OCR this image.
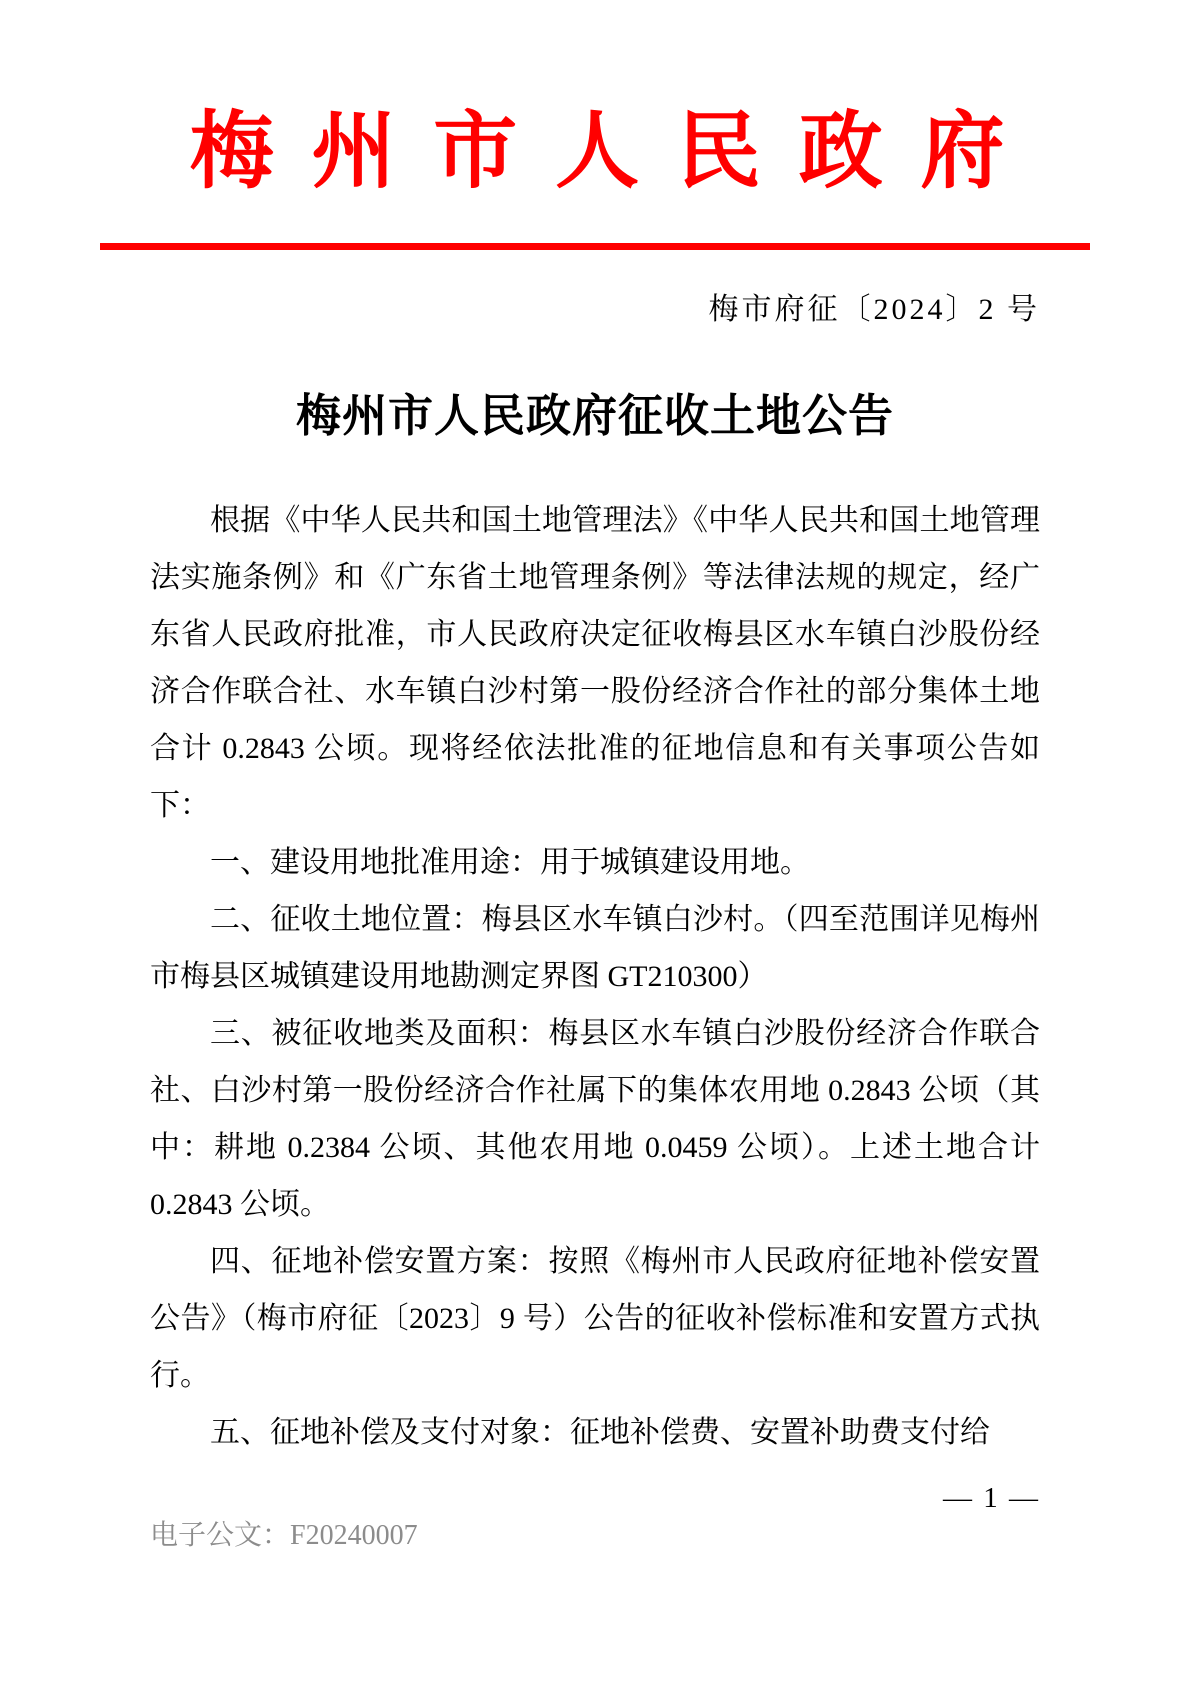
梅州市人民政府
梅市府征〔2024〕2 号
梅州市人民政府征收土地公告

根据《中华人民共和国土地管理法》《中华人民共和国土地管理法实施条例》和《广东省土地管理条例》等法律法规的规定，经广东省人民政府批准，市人民政府决定征收梅县区水车镇白沙股份经济合作联合社、水车镇白沙村第一股份经济合作社的部分集体土地合计 0.2843 公顷。现将经依法批准的征地信息和有关事项公告如下：

一、建设用地批准用途：用于城镇建设用地。

二、征收土地位置：梅县区水车镇白沙村。（四至范围详见梅州市梅县区城镇建设用地勘测定界图 GT210300）

三、被征收地类及面积：梅县区水车镇白沙股份经济合作联合社、白沙村第一股份经济合作社属下的集体农用地 0.2843 公顷（其中：耕地 0.2384 公顷、其他农用地 0.0459 公顷）。上述土地合计 0.2843 公顷。

四、征地补偿安置方案：按照《梅州市人民政府征地补偿安置公告》（梅市府征〔2023〕9 号）公告的征收补偿标准和安置方式执行。

五、征地补偿及支付对象：征地补偿费、安置补助费支付给

— 1 —
电子公文：F20240007
